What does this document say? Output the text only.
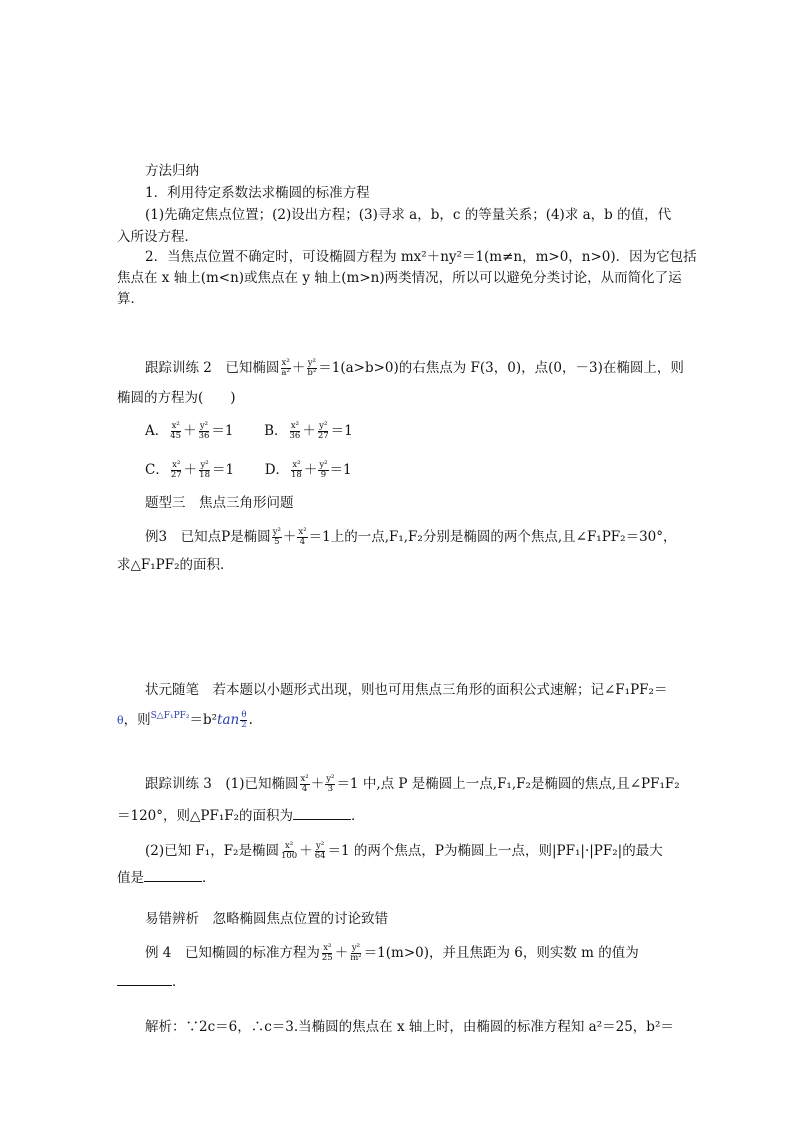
方法归纳
1．利用待定系数法求椭圆的标准方程
(1)先确定焦点位置；(2)设出方程；(3)寻求 a，b，c 的等量关系；(4)求 a，b 的值，代
入所设方程．
2．当焦点位置不确定时，可设椭圆方程为 mx²＋ny²＝1(m≠n，m>0，n>0)．因为它包括
焦点在 x 轴上(m<n)或焦点在 y 轴上(m>n)两类情况，所以可以避免分类讨论，从而简化了运
算．
跟踪训练 2　已知椭圆 $\frac{\text{x²}}{\text{a²}} + \frac{\text{y²}}{\text{b²}} =1(a>b>0)$的右焦点为 F(3，0)，点(0，－3)在椭圆上，则
椭圆的方程为(　　)
A． $\frac{\text{x²}}{45} + \frac{\text{y²}}{36} =1$ B． $\frac{\text{x²}}{36} + \frac{\text{y²}}{27} =1$
C． $\frac{\text{x²}}{27} + \frac{\text{y²}}{18} =1$ D． $\frac{\text{x²}}{18} + \frac{\text{y²}}{9} =1$
题型三　焦点三角形问题
例3　已知点P是椭圆 $\frac{\text{y²}}{5} + \frac{\text{x²}}{4} =1$上的一点,F₁,F₂分别是椭圆的两个焦点,且∠F₁PF₂＝30°，
求△F₁PF₂的面积．
状元随笔　若本题以小题形式出现，则也可用焦点三角形的面积公式速解；记∠F₁PF₂＝
θ，则$^{S\triangle F_1PF_2}=b^2\tan \frac{\theta}{2}$ .
跟踪训练 3　(1)已知椭圆 $\frac{\text{x²}}{4} + \frac{\text{y²}}{3} =1$ 中,点 P 是椭圆上一点,F₁,F₂是椭圆的焦点,且∠PF₁F₂
＝120°，则△PF₁F₂的面积为	．
(2)已知 F₁，F₂是椭圆 $\frac{\text{x²}}{100} + \frac{\text{y²}}{64} =1$ 的两个焦点，P为椭圆上一点，则|PF₁|·|PF₂|的最大
值是	．
易错辨析　忽略椭圆焦点位置的讨论致错
例 4　已知椭圆的标准方程为 $\frac{\text{x²}}{25} + \frac{\text{y²}}{\text{m²}} =1(m>0)$，并且焦距为 6，则实数 m 的值为
．
解析：∵2c＝6，∴c＝3.当椭圆的焦点在 x 轴上时，由椭圆的标准方程知 a²＝25，b²＝
